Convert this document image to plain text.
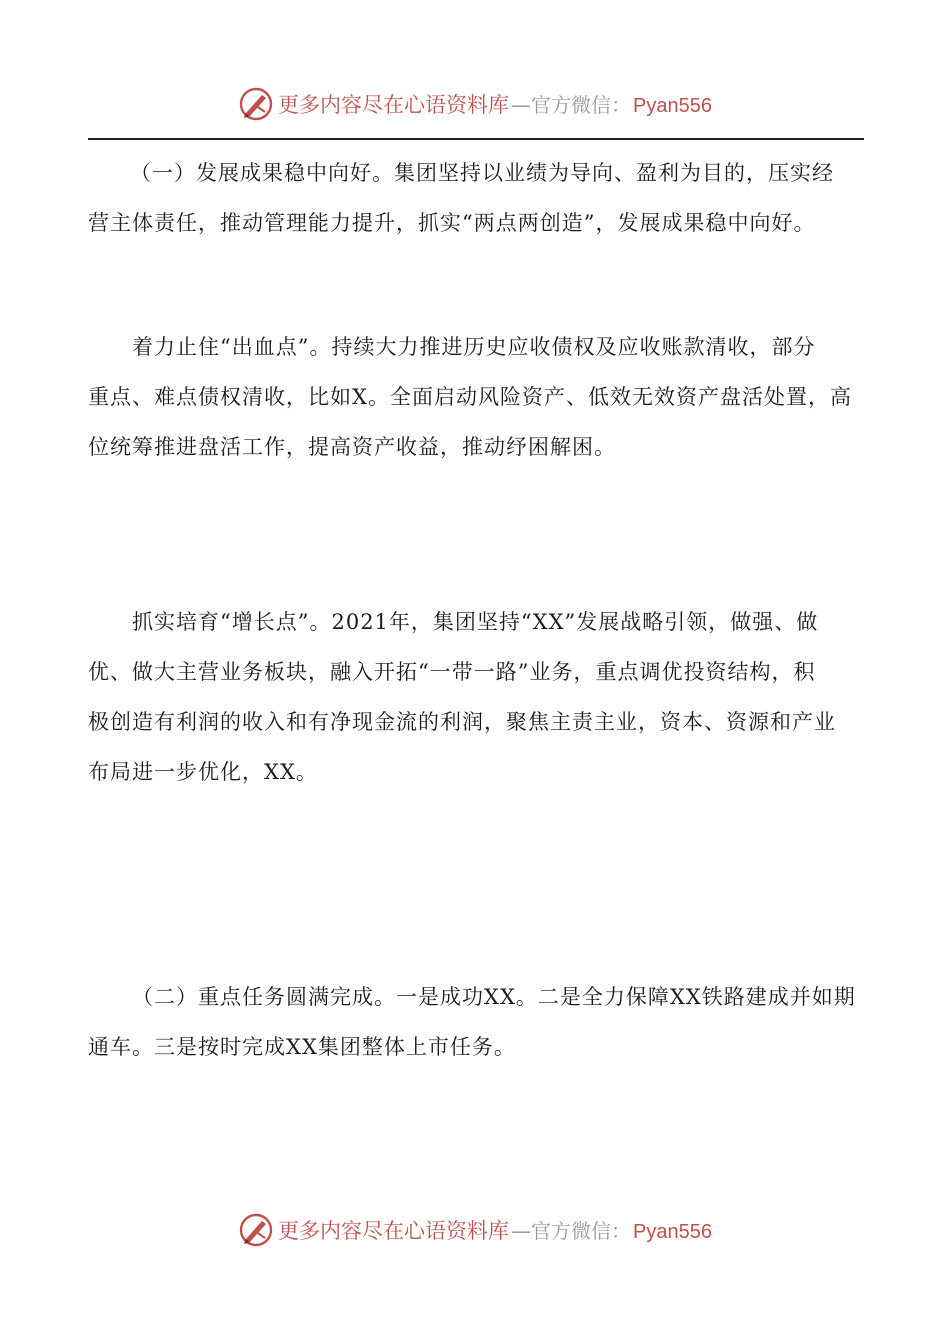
更多内容尽在心语资料库 — 官方微信： Pyan556

（一）发展成果稳中向好。集团坚持以业绩为导向、盈利为目的，压实经
营主体责任，推动管理能力提升，抓实“两点两创造”，发展成果稳中向好。

着力止住“出血点”。持续大力推进历史应收债权及应收账款清收，部分
重点、难点债权清收，比如X。全面启动风险资产、低效无效资产盘活处置，高
位统筹推进盘活工作，提高资产收益，推动纾困解困。
抓实培育“增长点”。2021年，集团坚持“XX”发展战略引领，做强、做
优、做大主营业务板块，融入开拓“一带一路”业务，重点调优投资结构，积
极创造有利润的收入和有净现金流的利润，聚焦主责主业，资本、资源和产业
布局进一步优化，XX。
（二）重点任务圆满完成。一是成功XX。二是全力保障XX铁路建成并如期
通车。三是按时完成XX集团整体上市任务。
更多内容尽在心语资料库 — 官方微信： Pyan556
